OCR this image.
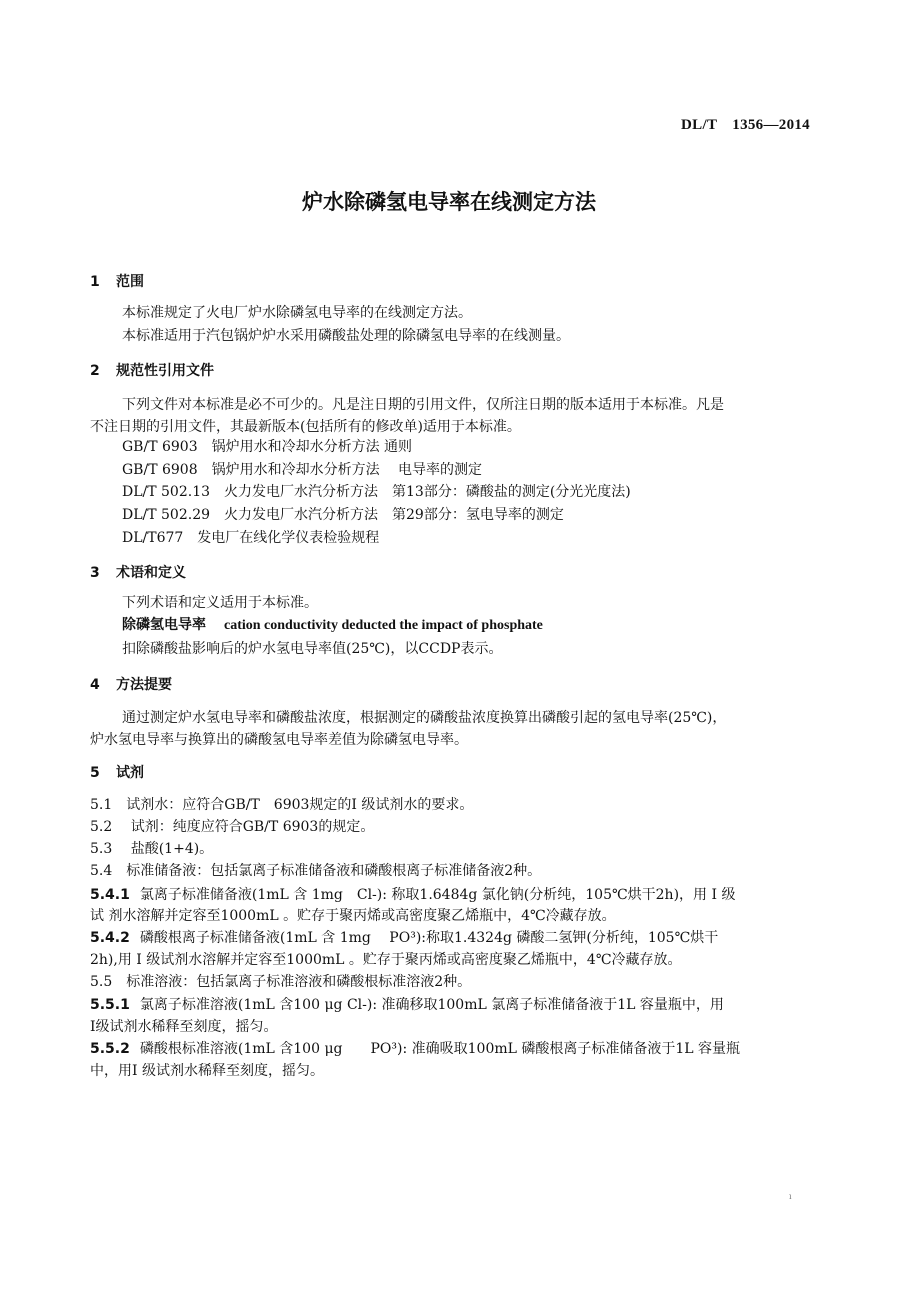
DL/T　1356—2014
炉水除磷氢电导率在线测定方法
1 范围
本标准规定了火电厂炉水除磷氢电导率的在线测定方法。
本标准适用于汽包锅炉炉水采用磷酸盐处理的除磷氢电导率的在线测量。
2 规范性引用文件
下列文件对本标准是必不可少的。凡是注日期的引用文件，仅所注日期的版本适用于本标准。凡是
不注日期的引用文件，其最新版本(包括所有的修改单)适用于本标准。
GB/T 6903　锅炉用水和冷却水分析方法 通则
GB/T 6908　锅炉用水和冷却水分析方法　 电导率的测定
DL/T 502.13　火力发电厂水汽分析方法　第13部分：磷酸盐的测定(分光光度法)
DL/T 502.29　火力发电厂水汽分析方法　第29部分：氢电导率的测定
DL/T677　发电厂在线化学仪表检验规程
3 术语和定义
下列术语和定义适用于本标准。
除磷氢电导率 cation conductivity deducted the impact of phosphate
扣除磷酸盐影响后的炉水氢电导率值(25℃)，以CCDP表示。
4 方法提要
通过测定炉水氢电导率和磷酸盐浓度，根据测定的磷酸盐浓度换算出磷酸引起的氢电导率(25℃)，
炉水氢电导率与换算出的磷酸氢电导率差值为除磷氢电导率。
5 试剂
5.1　试剂水：应符合GB/T　6903规定的Ⅰ 级试剂水的要求。
5.2　 试剂：纯度应符合GB/T 6903的规定。
5.3　 盐酸(1+4)。
5.4　标准储备液：包括氯离子标准储备液和磷酸根离子标准储备液2种。
5.4.1 氯离子标准储备液(1mL 含 1mg　Cl-): 称取1.6484g 氯化钠(分析纯，105℃烘干2h)，用 Ⅰ 级
试 剂水溶解并定容至1000mL 。贮存于聚丙烯或高密度聚乙烯瓶中，4℃冷藏存放。
5.4.2 磷酸根离子标准储备液(1mL 含 1mg　 PO³):称取1.4324g 磷酸二氢钾(分析纯，105℃烘干
2h),用 Ⅰ 级试剂水溶解并定容至1000mL 。贮存于聚丙烯或高密度聚乙烯瓶中，4℃冷藏存放。
5.5　标准溶液：包括氯离子标准溶液和磷酸根标准溶液2种。
5.5.1 氯离子标准溶液(1mL 含100 μg Cl-): 准确移取100mL 氯离子标准储备液于1L 容量瓶中，用
Ⅰ级试剂水稀释至刻度，摇匀。
5.5.2 磷酸根标准溶液(1mL 含100 μg　　PO³): 准确吸取100mL 磷酸根离子标准储备液于1L 容量瓶
中，用Ⅰ 级试剂水稀释至刻度，摇匀。
ı
